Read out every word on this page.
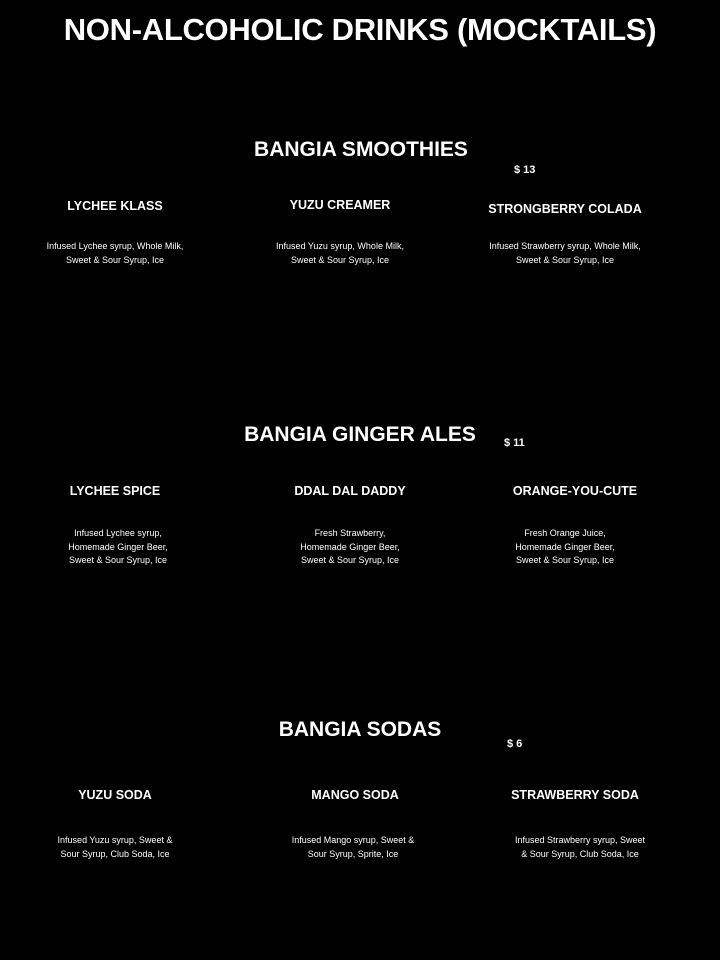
NON-ALCOHOLIC DRINKS (MOCKTAILS)
BANGIA SMOOTHIES
$ 13
LYCHEE KLASS
Infused Lychee syrup, Whole Milk,
Sweet & Sour Syrup, Ice
YUZU CREAMER
Infused Yuzu syrup, Whole Milk,
Sweet & Sour Syrup, Ice
STRONGBERRY COLADA
Infused Strawberry syrup, Whole Milk,
Sweet & Sour Syrup, Ice
BANGIA GINGER ALES	$ 11
LYCHEE SPICE
Infused Lychee syrup,
Homemade Ginger Beer,
Sweet & Sour Syrup, Ice
DDAL DAL DADDY
Fresh Strawberry,
Homemade Ginger Beer,
Sweet & Sour Syrup, Ice
ORANGE-YOU-CUTE
Fresh Orange Juice,
Homemade Ginger Beer,
Sweet & Sour Syrup, Ice
BANGIA SODAS
$ 6
YUZU SODA
Infused Yuzu syrup, Sweet &
Sour Syrup, Club Soda, Ice
MANGO SODA
Infused Mango syrup, Sweet &
Sour Syrup, Sprite, Ice
STRAWBERRY SODA
Infused Strawberry syrup, Sweet
& Sour Syrup, Club Soda, Ice
